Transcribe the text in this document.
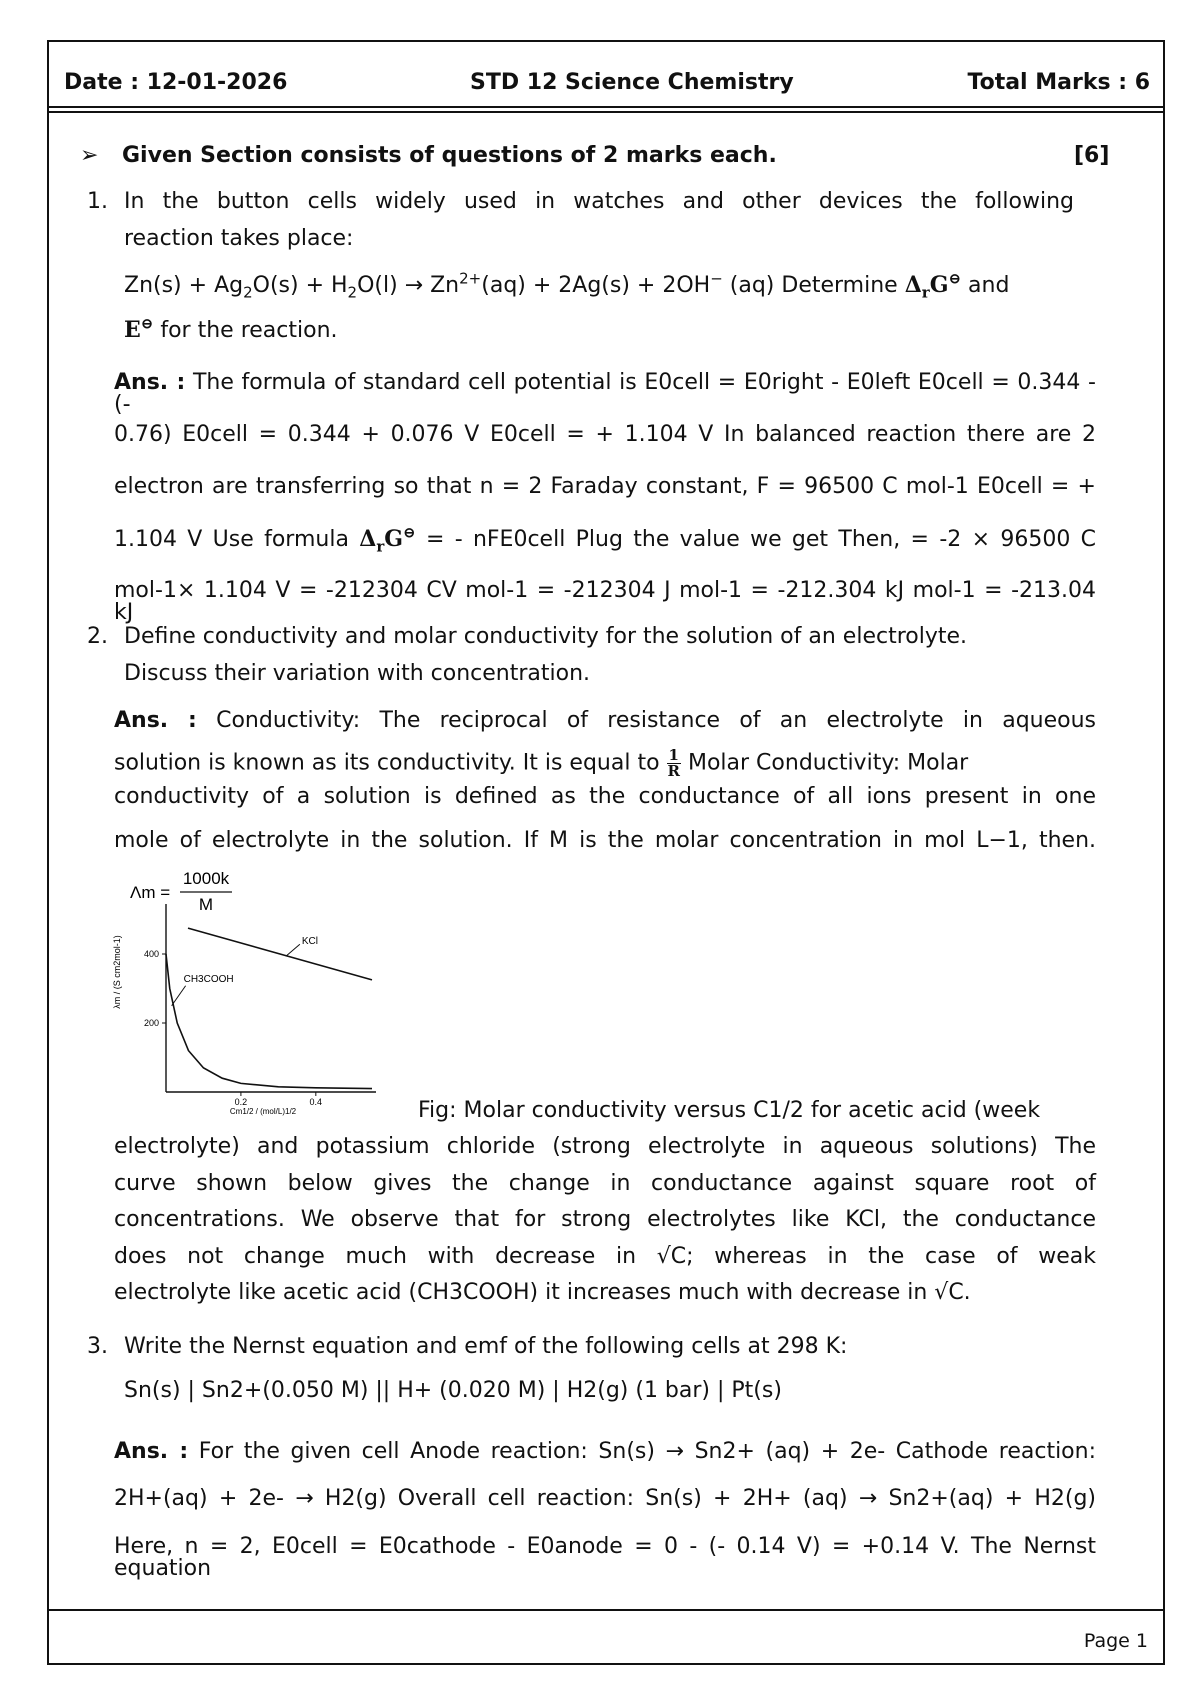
Date : 12-01-2026	STD 12 Science Chemistry	Total Marks : 6
➢ Given Section consists of questions of 2 marks each.	[6]
1. In the button cells widely used in watches and other devices the following
reaction takes place:
$Zn(s) + Ag_2O(s) + H_2O(l) \to Zn^{2+}(aq) + 2Ag(s) + 2OH^-$ (aq) Determine $\Delta_rG^⊖$ and
E⊖ for the reaction.
Ans. : The formula of standard cell potential is E0cell = E0right - E0left E0cell = 0.344 - (-
0.76) E0cell = 0.344 + 0.076 V E0cell = + 1.104 V In balanced reaction there are 2
electron are transferring so that n = 2 Faraday constant, F = 96500 C mol-1 E0cell = +
1.104 V Use formula $\Delta_rG^⊖$ = - nFE0cell Plug the value we get Then, = -2 × 96500 C
mol-1× 1.104 V = -212304 CV mol-1 = -212304 J mol-1 = -212.304 kJ mol-1 = -213.04 kJ
2. Define conductivity and molar conductivity for the solution of an electrolyte.
Discuss their variation with concentration.
Ans. : Conductivity: The reciprocal of resistance of an electrolyte in aqueous
solution is known as its conductivity. It is equal to $\frac{1}{R}$ Molar Conductivity: Molar
conductivity of a solution is defined as the conductance of all ions present in one
mole of electrolyte in the solution. If M is the molar concentration in mol L−1, then.
Λm =
1000k
M
200
400
0.2	0.4
KCl
CH3COOH
λm / (S cm2mol-1)
Cm1/2 / (mol/L)1/2	Fig: Molar conductivity versus C1/2 for acetic acid (week
electrolyte) and potassium chloride (strong electrolyte in aqueous solutions) The
curve shown below gives the change in conductance against square root of
concentrations. We observe that for strong electrolytes like KCl, the conductance
does not change much with decrease in √C; whereas in the case of weak
electrolyte like acetic acid (CH3COOH) it increases much with decrease in √C.
3. Write the Nernst equation and emf of the following cells at 298 K:
Sn(s) | Sn2+(0.050 M) || H+ (0.020 M) | H2(g) (1 bar) | Pt(s)
Ans. : For the given cell Anode reaction: Sn(s) → Sn2+ (aq) + 2e- Cathode reaction:
2H+(aq) + 2e- → H2(g) Overall cell reaction: Sn(s) + 2H+ (aq) → Sn2+(aq) + H2(g)
Here, n = 2, E0cell = E0cathode - E0anode = 0 - (- 0.14 V) = +0.14 V. The Nernst equation
Page 1
